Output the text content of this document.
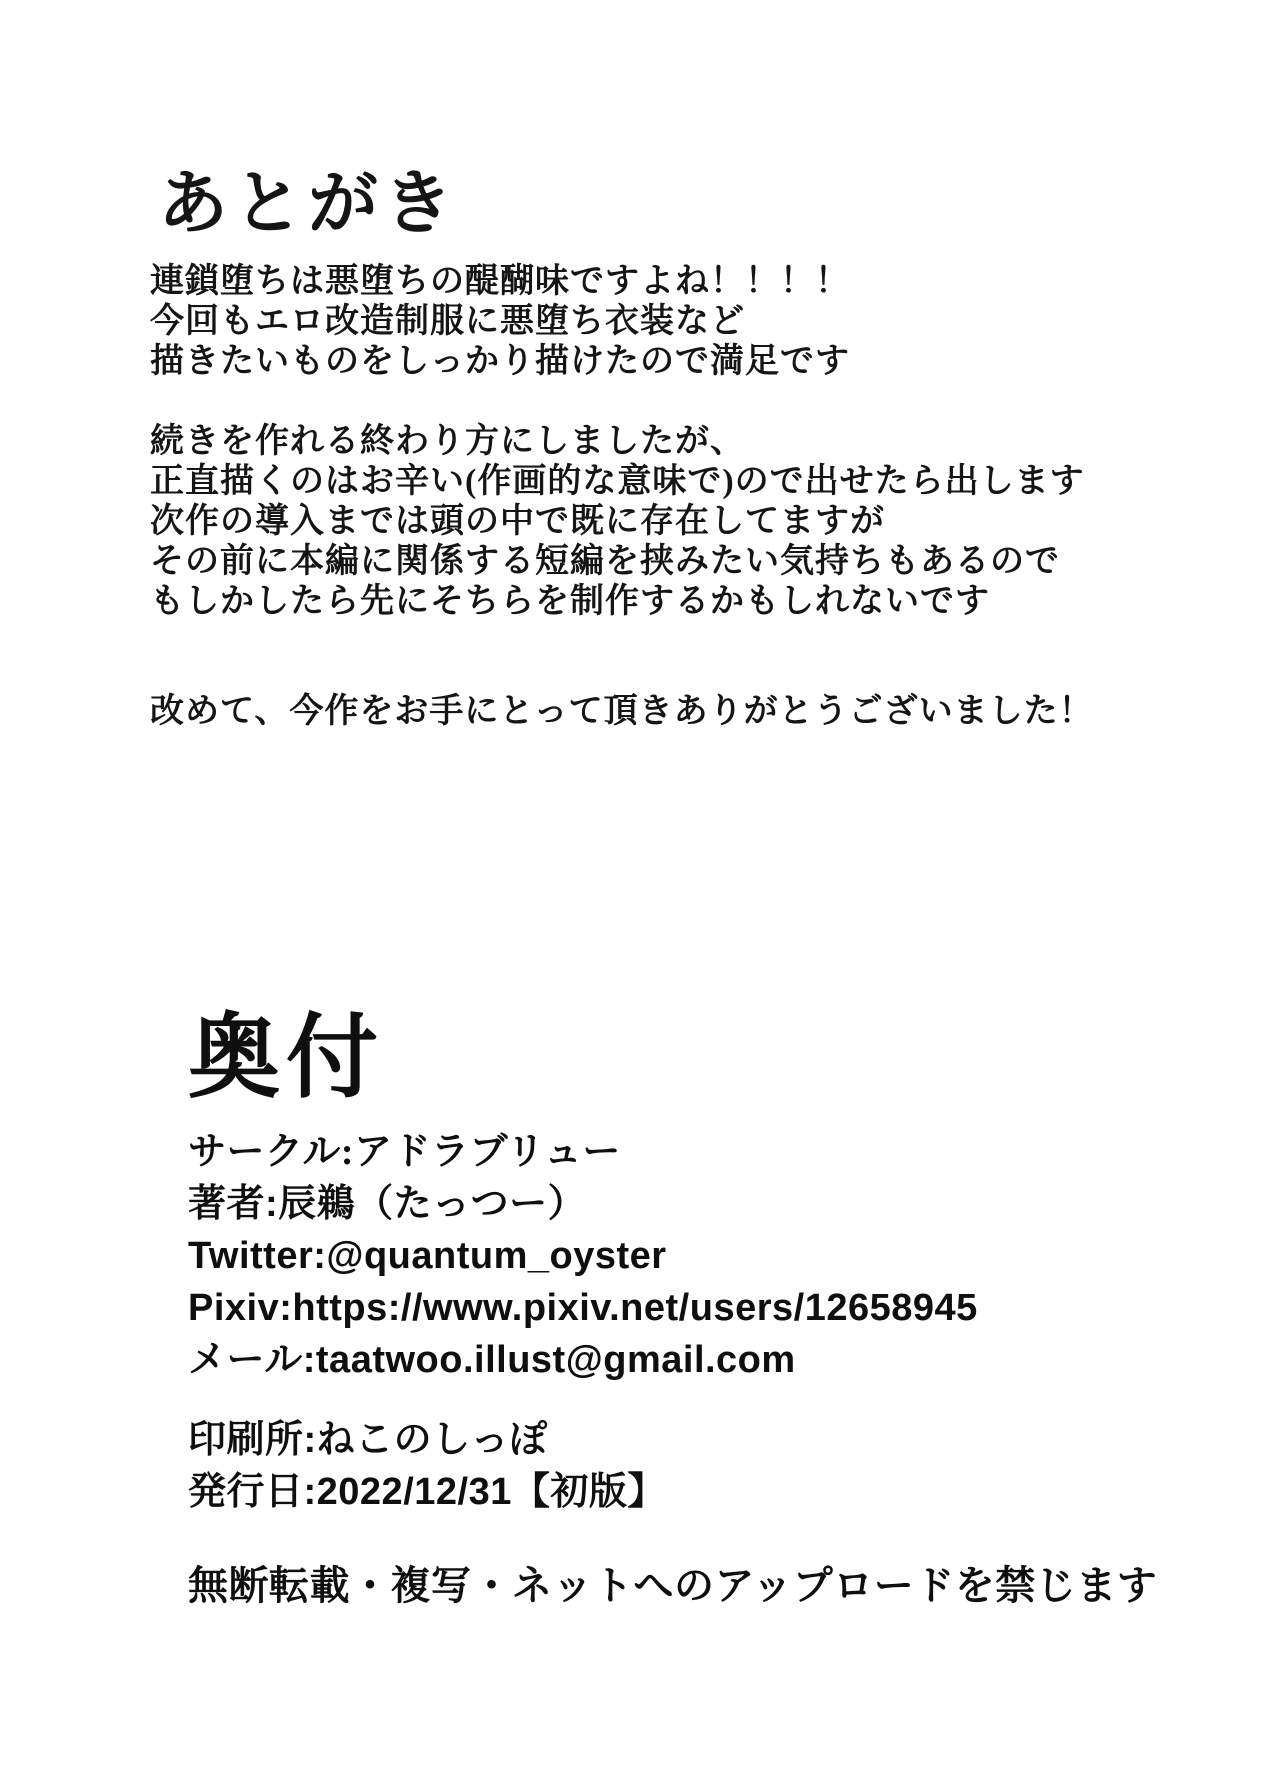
あとがき
連鎖堕ちは悪堕ちの醍醐味ですよね！！！！
今回もエロ改造制服に悪堕ち衣装など
描きたいものをしっかり描けたので満足です
続きを作れる終わり方にしましたが、
正直描くのはお辛い(作画的な意味で)ので出せたら出します
次作の導入までは頭の中で既に存在してますが
その前に本編に関係する短編を挟みたい気持ちもあるので
もしかしたら先にそちらを制作するかもしれないです
改めて、今作をお手にとって頂きありがとうございました！
奥付
サークル:アドラブリュー
著者:辰鵜（たっつー）
Twitter:@quantum_oyster
Pixiv:https://www.pixiv.net/users/12658945
メール:taatwoo.illust@gmail.com
印刷所:ねこのしっぽ
発行日:2022/12/31【初版】
無断転載・複写・ネットへのアップロードを禁じます
